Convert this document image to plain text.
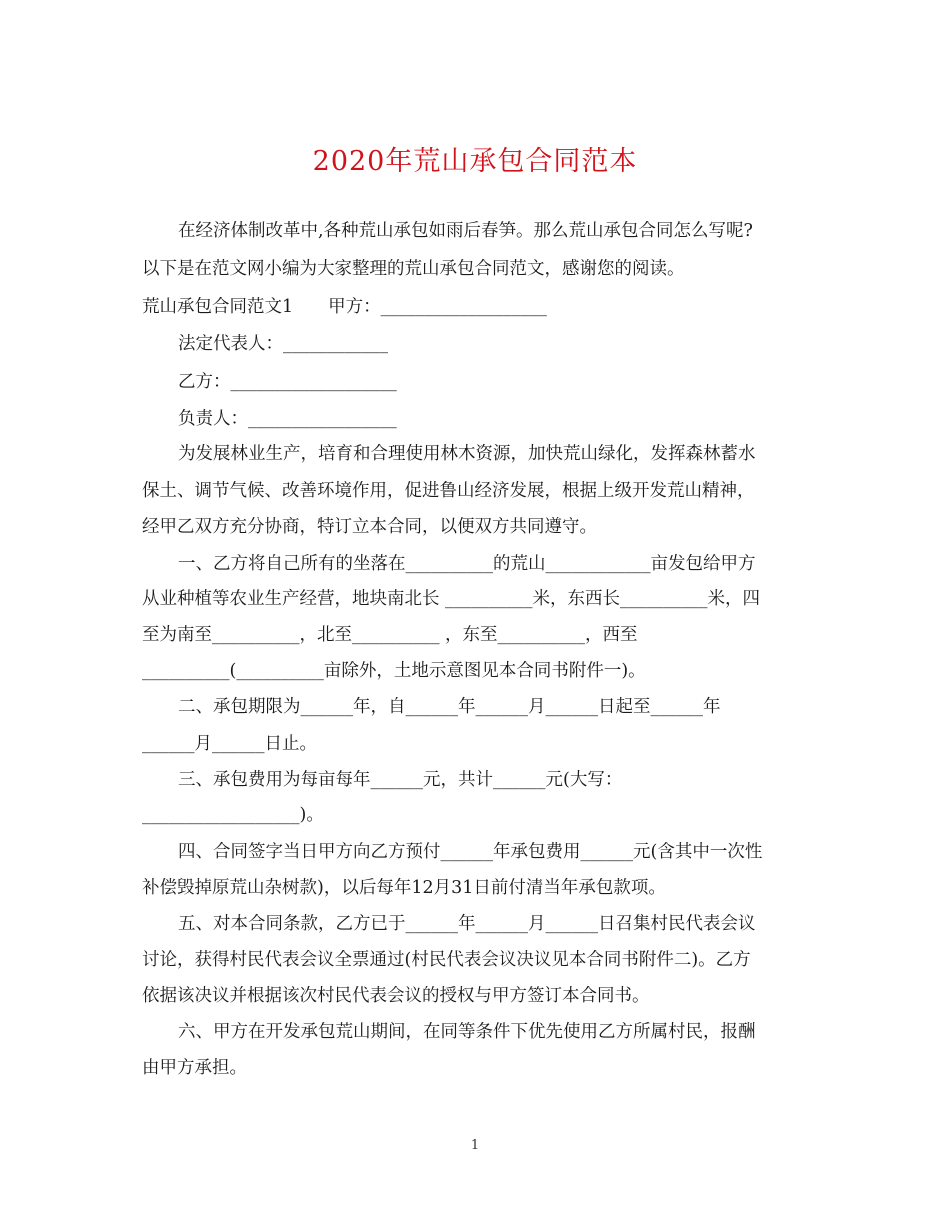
2020年荒山承包合同范本
在经济体制改革中,各种荒山承包如雨后春笋。那么荒山承包合同怎么写呢?
以下是在范文网小编为大家整理的荒山承包合同范文，感谢您的阅读。
荒山承包合同范文1　　甲方：___________________
法定代表人：____________
乙方：___________________
负责人：_________________
为发展林业生产，培育和合理使用林木资源，加快荒山绿化，发挥森林蓄水
保土、调节气候、改善环境作用，促进鲁山经济发展，根据上级开发荒山精神，
经甲乙双方充分协商，特订立本合同，以便双方共同遵守。
一、乙方将自己所有的坐落在__________的荒山____________亩发包给甲方
从业种植等农业生产经营，地块南北长 __________米，东西长__________米，四
至为南至__________，北至__________ ，东至__________，西至
__________(__________亩除外，土地示意图见本合同书附件一)。
二、承包期限为______年，自______年______月______日起至______年
______月______日止。
三、承包费用为每亩每年______元，共计______元(大写：
__________________)。
四、合同签字当日甲方向乙方预付______年承包费用______元(含其中一次性
补偿毁掉原荒山杂树款)，以后每年12月31日前付清当年承包款项。
五、对本合同条款，乙方已于______年______月______日召集村民代表会议
讨论，获得村民代表会议全票通过(村民代表会议决议见本合同书附件二)。乙方
依据该决议并根据该次村民代表会议的授权与甲方签订本合同书。
六、甲方在开发承包荒山期间，在同等条件下优先使用乙方所属村民，报酬
由甲方承担。
1
